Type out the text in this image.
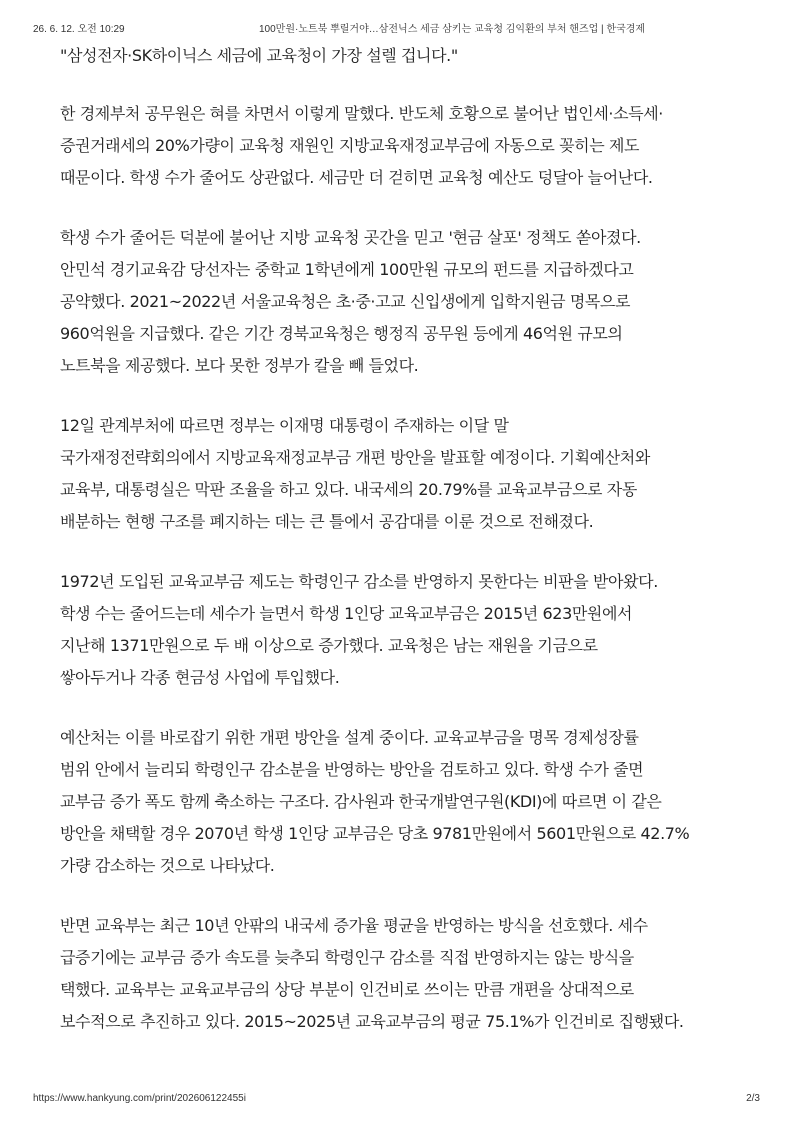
26. 6. 12. 오전 10:29	100만원·노트북 뿌릴거야…삼전닉스 세금 삼키는 교육청 김익환의 부처 핸즈업 | 한국경제

"삼성전자·SK하이닉스 세금에 교육청이 가장 설렐 겁니다."

한 경제부처 공무원은 혀를 차면서 이렇게 말했다. 반도체 호황으로 불어난 법인세·소득세·
증권거래세의 20%가량이 교육청 재원인 지방교육재정교부금에 자동으로 꽂히는 제도
때문이다. 학생 수가 줄어도 상관없다. 세금만 더 걷히면 교육청 예산도 덩달아 늘어난다.

학생 수가 줄어든 덕분에 불어난 지방 교육청 곳간을 믿고 '현금 살포' 정책도 쏟아졌다.
안민석 경기교육감 당선자는 중학교 1학년에게 100만원 규모의 펀드를 지급하겠다고
공약했다. 2021~2022년 서울교육청은 초·중·고교 신입생에게 입학지원금 명목으로
960억원을 지급했다. 같은 기간 경북교육청은 행정직 공무원 등에게 46억원 규모의
노트북을 제공했다. 보다 못한 정부가 칼을 빼 들었다.

12일 관계부처에 따르면 정부는 이재명 대통령이 주재하는 이달 말
국가재정전략회의에서 지방교육재정교부금 개편 방안을 발표할 예정이다. 기획예산처와
교육부, 대통령실은 막판 조율을 하고 있다. 내국세의 20.79%를 교육교부금으로 자동
배분하는 현행 구조를 폐지하는 데는 큰 틀에서 공감대를 이룬 것으로 전해졌다.

1972년 도입된 교육교부금 제도는 학령인구 감소를 반영하지 못한다는 비판을 받아왔다.
학생 수는 줄어드는데 세수가 늘면서 학생 1인당 교육교부금은 2015년 623만원에서
지난해 1371만원으로 두 배 이상으로 증가했다. 교육청은 남는 재원을 기금으로
쌓아두거나 각종 현금성 사업에 투입했다.

예산처는 이를 바로잡기 위한 개편 방안을 설계 중이다. 교육교부금을 명목 경제성장률
범위 안에서 늘리되 학령인구 감소분을 반영하는 방안을 검토하고 있다. 학생 수가 줄면
교부금 증가 폭도 함께 축소하는 구조다. 감사원과 한국개발연구원(KDI)에 따르면 이 같은
방안을 채택할 경우 2070년 학생 1인당 교부금은 당초 9781만원에서 5601만원으로 42.7%
가량 감소하는 것으로 나타났다.

반면 교육부는 최근 10년 안팎의 내국세 증가율 평균을 반영하는 방식을 선호했다. 세수
급증기에는 교부금 증가 속도를 늦추되 학령인구 감소를 직접 반영하지는 않는 방식을
택했다. 교육부는 교육교부금의 상당 부분이 인건비로 쓰이는 만큼 개편을 상대적으로
보수적으로 추진하고 있다. 2015~2025년 교육교부금의 평균 75.1%가 인건비로 집행됐다.

https://www.hankyung.com/print/202606122455i	2/3
